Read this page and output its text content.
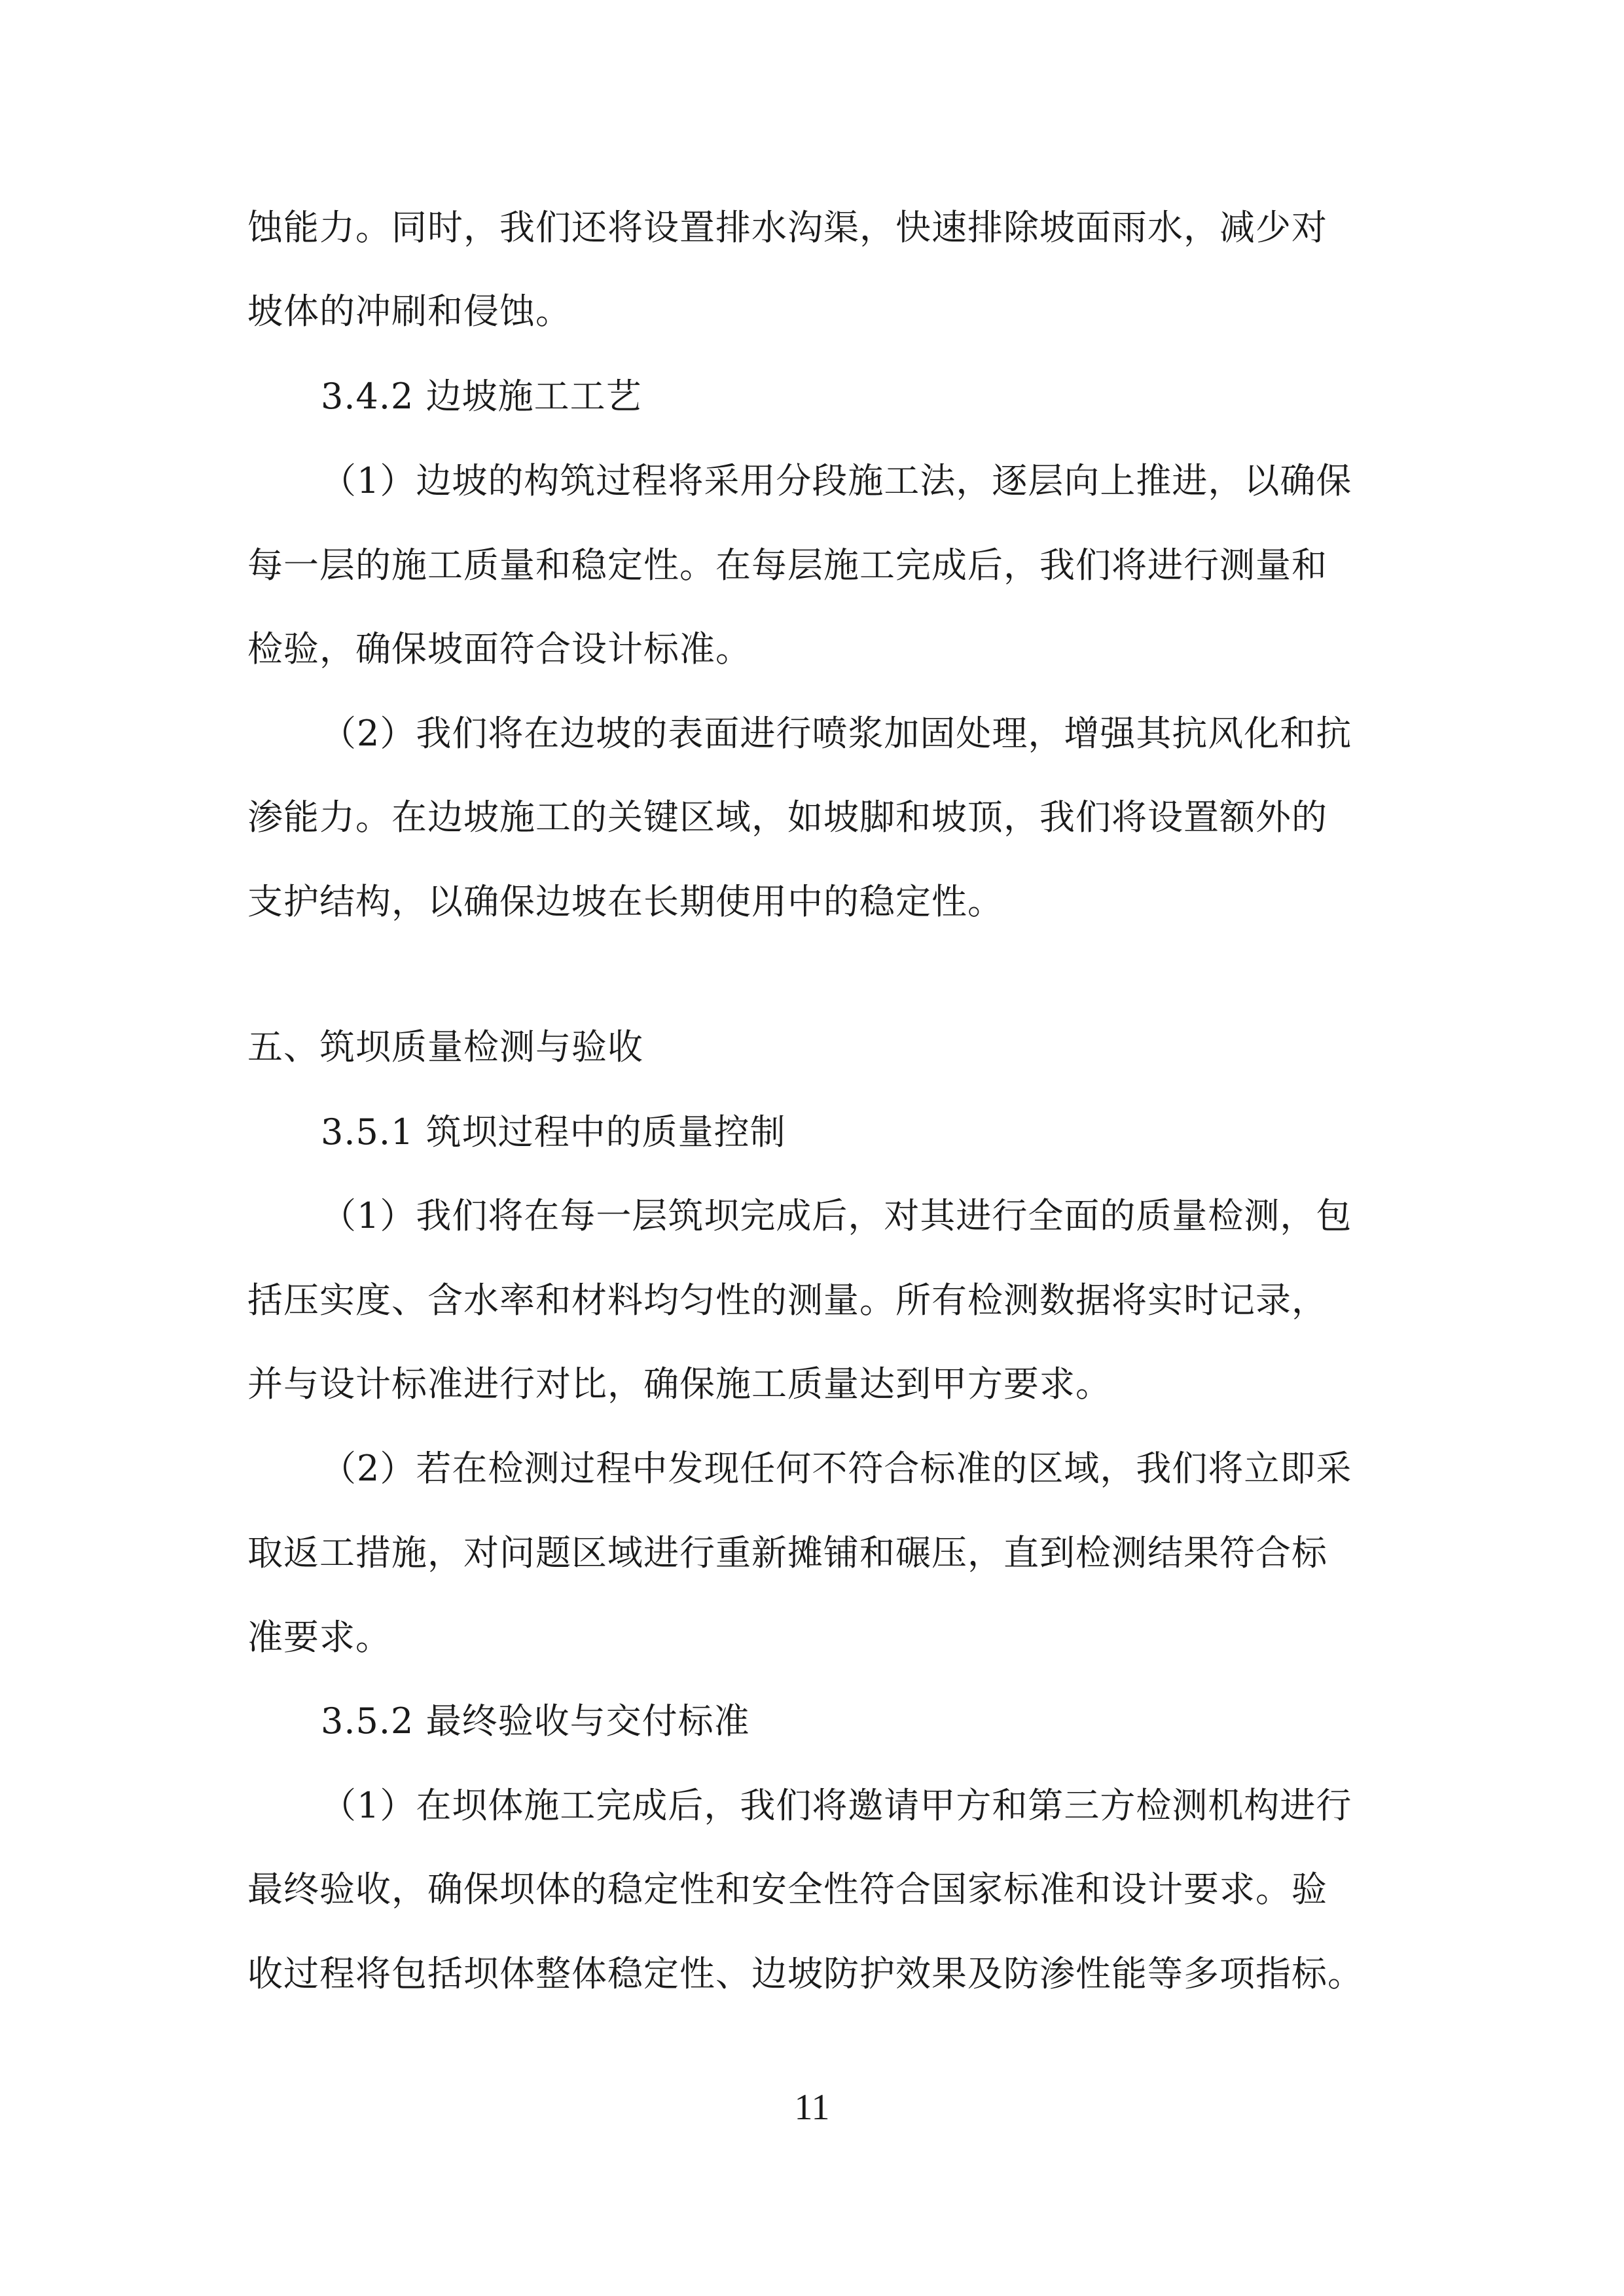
蚀能力。同时，我们还将设置排水沟渠，快速排除坡面雨水，减少对
坡体的冲刷和侵蚀。
3.4.2 边坡施工工艺
（1）边坡的构筑过程将采用分段施工法，逐层向上推进，以确保
每一层的施工质量和稳定性。在每层施工完成后，我们将进行测量和
检验，确保坡面符合设计标准。
（2）我们将在边坡的表面进行喷浆加固处理，增强其抗风化和抗
渗能力。在边坡施工的关键区域，如坡脚和坡顶，我们将设置额外的
支护结构，以确保边坡在长期使用中的稳定性。
五、筑坝质量检测与验收
3.5.1 筑坝过程中的质量控制
（1）我们将在每一层筑坝完成后，对其进行全面的质量检测，包
括压实度、含水率和材料均匀性的测量。所有检测数据将实时记录，
并与设计标准进行对比，确保施工质量达到甲方要求。
（2）若在检测过程中发现任何不符合标准的区域，我们将立即采
取返工措施，对问题区域进行重新摊铺和碾压，直到检测结果符合标
准要求。
3.5.2 最终验收与交付标准
（1）在坝体施工完成后，我们将邀请甲方和第三方检测机构进行
最终验收，确保坝体的稳定性和安全性符合国家标准和设计要求。验
收过程将包括坝体整体稳定性、边坡防护效果及防渗性能等多项指标。
11
